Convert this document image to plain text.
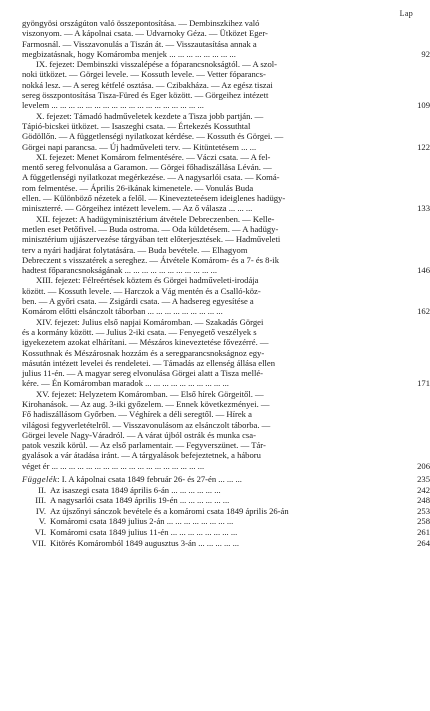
Lap
gyöngyösi országúton való összepontosítása. — Dembinszkihez való
viszonyom. — A kápolnai csata. — Udvarnoky Géza. — Ütközet Eger-
Farmosnál. — Visszavonulás a Tiszán át. — Visszautasítása annak a
megbizatásnak, hogy Komáromba menjek ... ... ... ... ... ... ... ...	92
IX. fejezet: Dembinszki visszalépése a fóparancsnokságtól. — A szol-
noki ütközet. — Görgei levele. — Kossuth levele. — Vetter fóparancs-
nokká lesz. — A sereg kétfelé osztása. — Czibakháza. — Az egész tiszai
sereg összpontosítása Tisza-Füred és Eger között. — Görgeihez intézett
levelem ... ... ... ... ... ... ... ... ... ... ... ... ... ... ... ... ... ...	109
X. fejezet: Támadó hadműveletek kezdete a Tisza jobb partján. —
Tápió-bicskei ütközet. — Isaszeghi csata. — Értekezés Kossuthtal
Gödöllőn. — A függetlenségi nyilatkozat kérdése. — Kossuth és Görgei. —
Görgei napi parancsa. — Új hadműveleti terv. — Kitüntetésem ... ...	122
XI. fejezet: Menet Komárom felmentésére. — Váczi csata. — A fel-
mentő sereg felvonulása a Garamon. — Görgei főhadiszállása Léván. —
A függetlenségi nyilatkozat megérkezése. — A nagysarlói csata. — Komá-
rom felmentése. — Április 26-ikának kimenetele. — Vonulás Buda
ellen. — Különböző nézetek a felől. — Kinevezteteésem ideiglenes hadügy-
miniszterré. — Görgeihez intézett levelem. — Az ő válasza ... ... ...	133
XII. fejezet: A hadügyminisztérium átvétele Debreczenben. — Kelle-
metlen eset Petőfivel. — Buda ostroma. — Oda küldetésem. — A hadügy-
minisztérium ujjászervezése tárgyában tett előterjesztések. — Hadműveleti
terv a nyári hadjárat folytatására. — Buda bevétele. — Elhagyom
Debreczent s visszatérek a sereghez. — Átvétele Komárom- és a 7- és 8-ik
hadtest főparancsnokságának ... ... ... ... ... ... ... ... ... ... ...	146
XIII. fejezet: Félreértések köztem és Görgei hadműveleti-irodája
között. — Kossuth levele. — Harczok a Vág mentén és a Csalló-köz-
ben. — A győri csata. — Zsigárdi csata. — A hadsereg egyesítése a
Komárom előtti elsánczolt táborban ... ... ... ... ... ... ... ... ...	162
XIV. fejezet: Julius első napjai Komáromban. — Szakadás Görgei
és a kormány között. — Julius 2-iki csata. — Fenyegető veszélyek s
igyekezetem azokat elhárítani. — Mészáros kineveztetése fővezérré. —
Kossuthnak és Mészárosnak hozzám és a seregparancsnokságnoz egy-
másután intézett levelei és rendeletei. — Támadás az ellenség állása ellen
julius 11-én. — A magyar sereg elvonulása Görgei alatt a Tisza mellé-
kére. — Én Komáromban maradok ... ... ... ... ... ... ... ... ... ...	171
XV. fejezet: Helyzetem Komáromban. — Első hírek Görgeitől. —
Kirohanások. — Az aug. 3-iki győzelem. — Ennek következményei. —
Fő hadiszállásom Győrben. — Véghírek a déli seregtől. — Hírek a
világosi fegyverletételről. — Visszavonulásom az elsánczolt táborba. —
Görgei levele Nagy-Váradról. — A várat újból ostrák és munka csa-
patok veszik körül. — Az első parlamentair. — Fegyverszünet. — Tár-
gyalások a vár átadása iránt. — A tárgyalások befejeztetnek, a háboru
véget ér ... ... ... ... ... ... ... ... ... ... ... ... ... ... ... ... ... ...	206
Függelék: I. A kápolnai csata 1849 február 26- és 27-én ... ... ...	235
II. Az isaszegi csata 1849 április 6-án ... ... ... ... ... ...	242
III. A nagysarlói csata 1849 április 19-én ... ... ... ... ... ...	248
IV. Az újszőnyi sánczok bevétele és a komáromi csata 1849 április 26-án	253
V. Komáromi csata 1849 julius 2-án ... ... ... ... ... ... ... ...	258
VI. Komáromi csata 1849 julius 11-én ... ... ... ... ... ... ... ...	261
VII. Kitörés Komáromból 1849 augusztus 3-án ... ... ... ... ...	264
